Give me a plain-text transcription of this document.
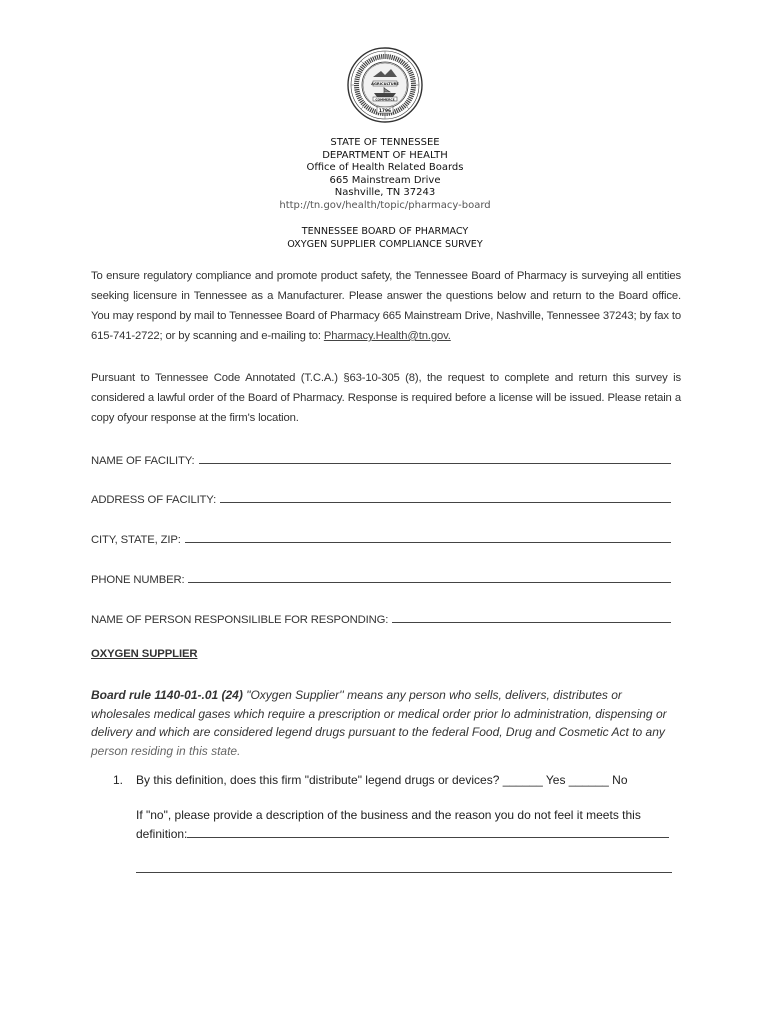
AGRICULTURE
COMMERCE
1796
STATE OF TENNESSEE
DEPARTMENT OF HEALTH
Office of Health Related Boards
665 Mainstream Drive
Nashville, TN 37243
http://tn.gov/health/topic/pharmacy-board
TENNESSEE BOARD OF PHARMACY
OXYGEN SUPPLIER COMPLIANCE SURVEY
To ensure regulatory compliance and promote product safety, the Tennessee Board of Pharmacy is surveying all entities seeking licensure in Tennessee as a Manufacturer. Please answer the questions below and return to the Board office. You may respond by mail to Tennessee Board of Pharmacy 665 Mainstream Drive, Nashville, Tennessee 37243; by fax to 615-741-2722; or by scanning and e-mailing to: Pharmacy.Health@tn.gov.
Pursuant to Tennessee Code Annotated (T.C.A.) §63-10-305 (8), the request to complete and return this survey is considered a lawful order of the Board of Pharmacy. Response is required before a license will be issued. Please retain a copy ofyour response at the firm's location.
NAME OF FACILITY:
ADDRESS OF FACILITY:
CITY, STATE, ZIP:
PHONE NUMBER:
NAME OF PERSON RESPONSILIBLE FOR RESPONDING:
OXYGEN SUPPLIER
Board rule 1140-01-.01 (24) "Oxygen Supplier'' means any person who sells, delivers, distributes or wholesales medical gases which require a prescription or medical order prior lo administration, dispensing or delivery and which are considered legend drugs pursuant to the federal Food, Drug and Cosmetic Act to any person residing in this state.
1. By this definition, does this firm "distribute" legend drugs or devices? ______ Yes ______ No
If "no", please provide a description of the business and the reason you do not feel it meets this
definition:
